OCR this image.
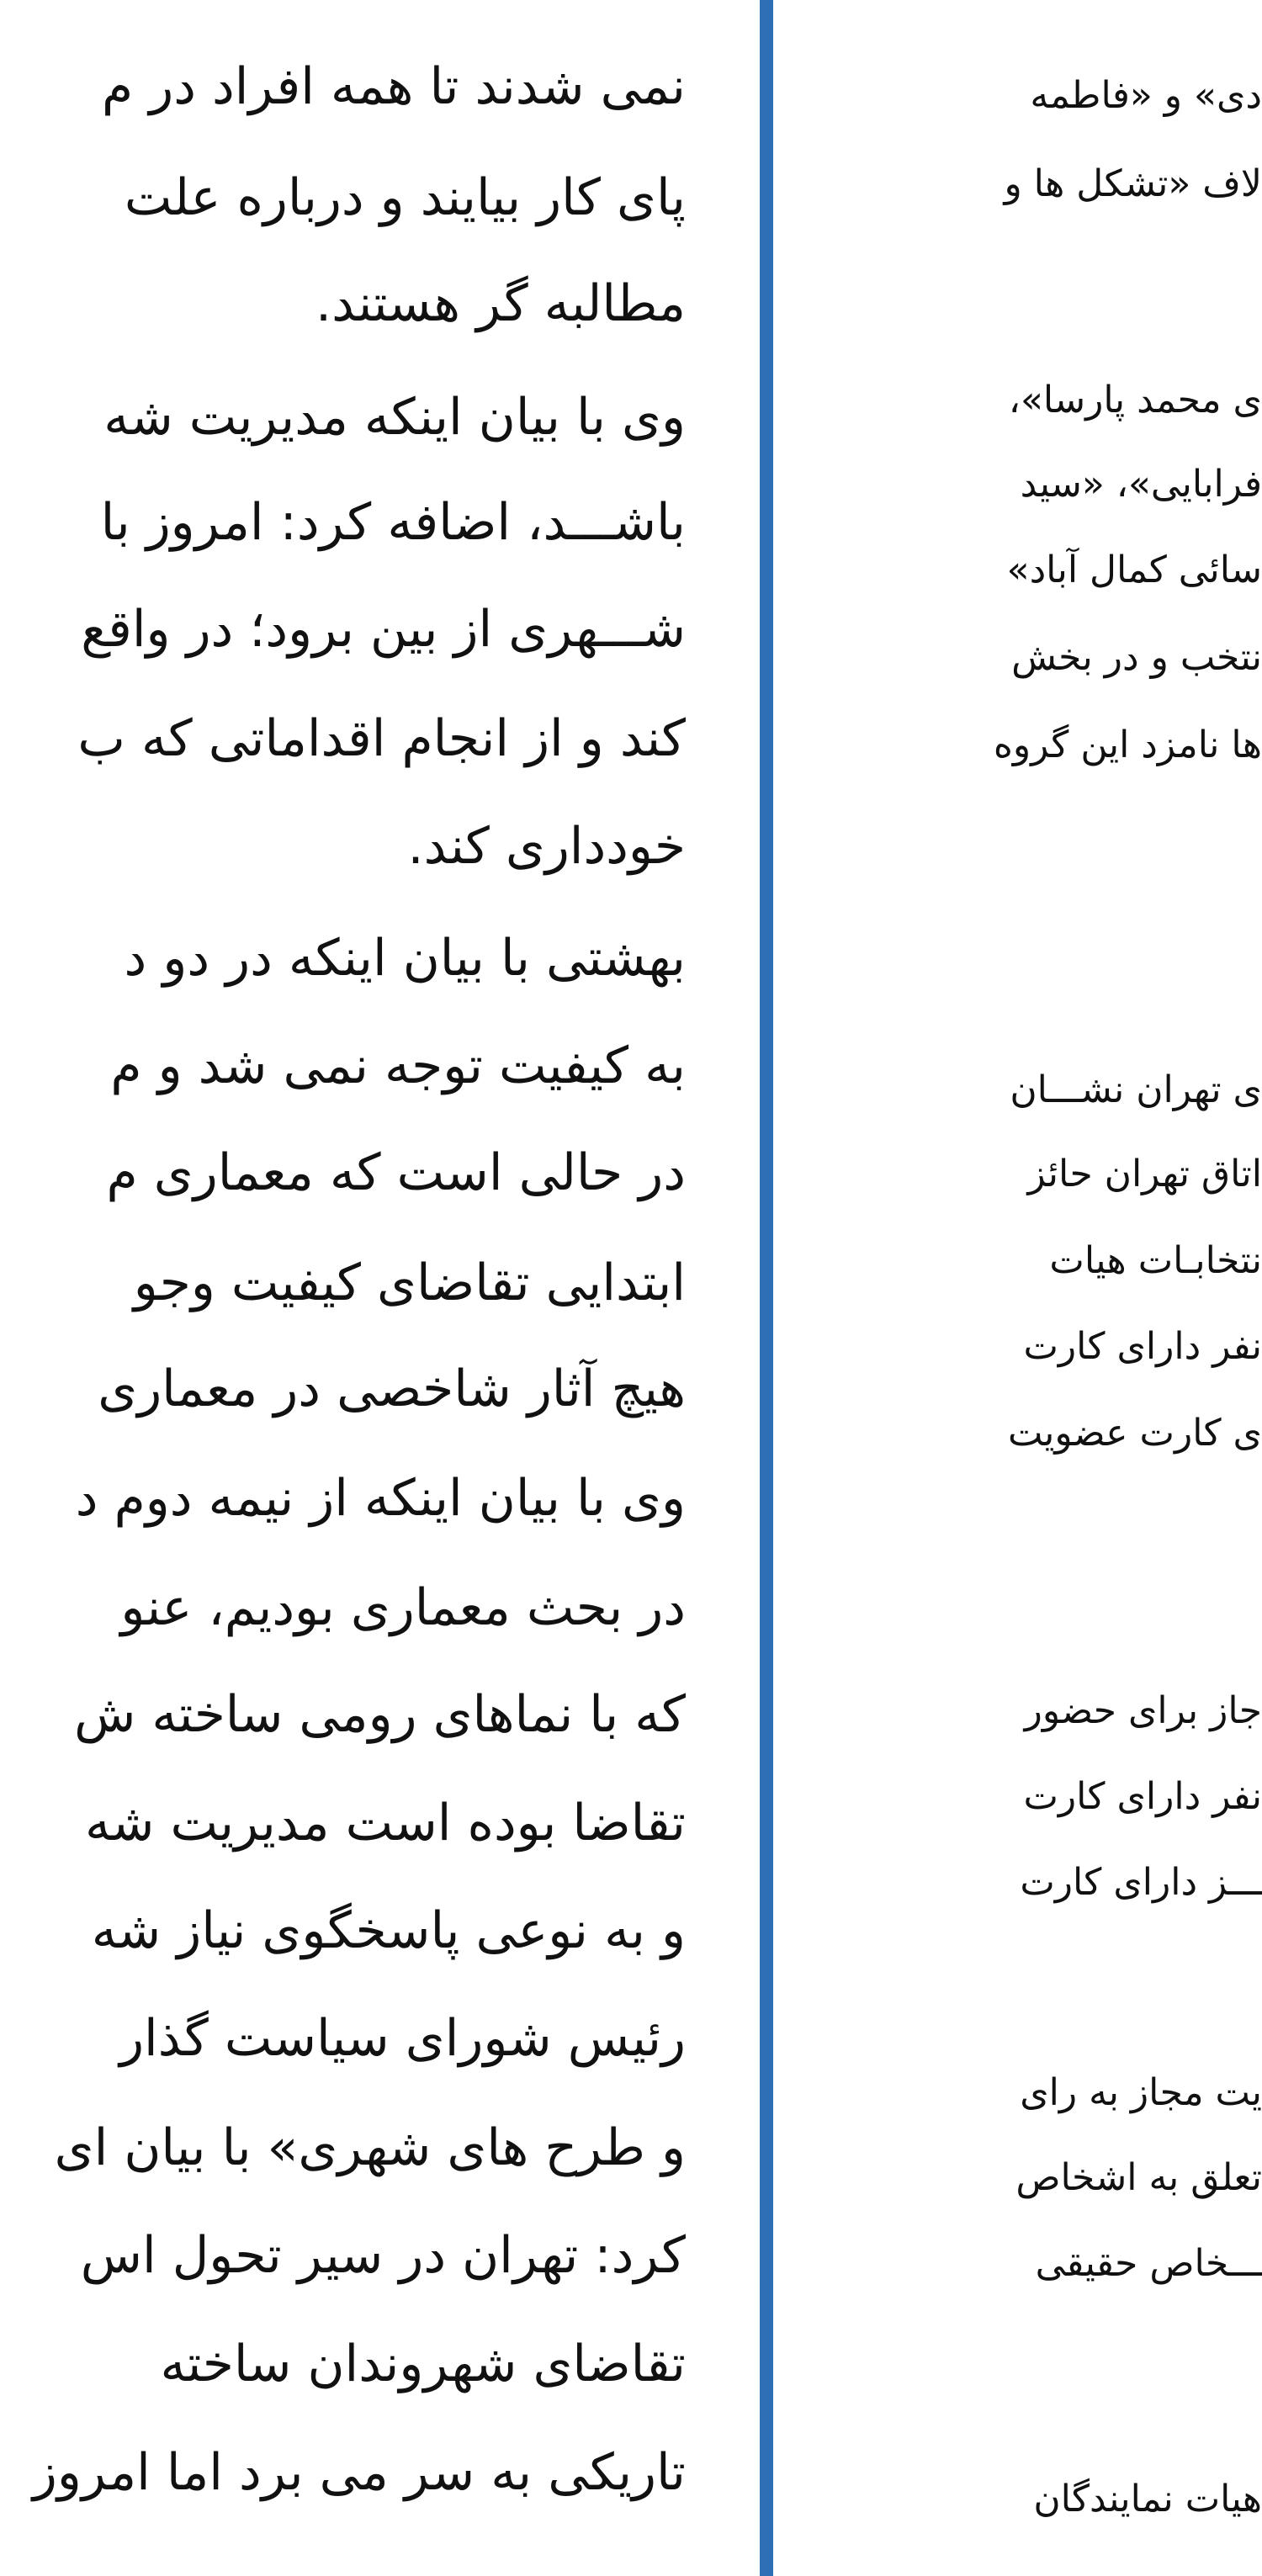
نمی شدند تا همه افراد در م
پای کار بیایند و درباره علت
مطالبه گر هستند.
وی با بیان اینکه مدیریت شه
باشـــد، اضافه کرد: امروز با
شـــهری از بین برود؛ در واقع
کند و از انجام اقداماتی که ب
خودداری کند.
بهشتی با بیان اینکه در دو د
به کیفیت توجه نمی شد و م
در حالی است که معماری م
ابتدایی تقاضای کیفیت وجو
هیچ آثار شاخصی در معماری
وی با بیان اینکه از نیمه دوم د
در بحث معماری بودیم، عنو
که با نماهای رومی ساخته ش
تقاضا بوده است مدیریت شه
و به نوعی پاسخگوی نیاز شه
رئیس شورای سیاست گذار
و طرح های شهری» با بیان ای
کرد: تهران در سیر تحول اس
تقاضای شهروندان ساخته
تاریکی به سر می برد اما امروز
دی» و «فاطمه
لاف «تشکل ها و
ی محمد پارسا»،
فرابایی»، «سید
سائی کمال آباد»
نتخب و در بخش
ها نامزد این گروه
ی تهران نشـــان
اتاق تهران حائز
نتخابـات هیات
نفر دارای کارت
ی کارت عضویت
جاز برای حضور
نفر دارای کارت
ـــز دارای کارت
یت مجاز به رای
تعلق به اشخاص
ـــخاص حقیقی
هیات نمایندگان
